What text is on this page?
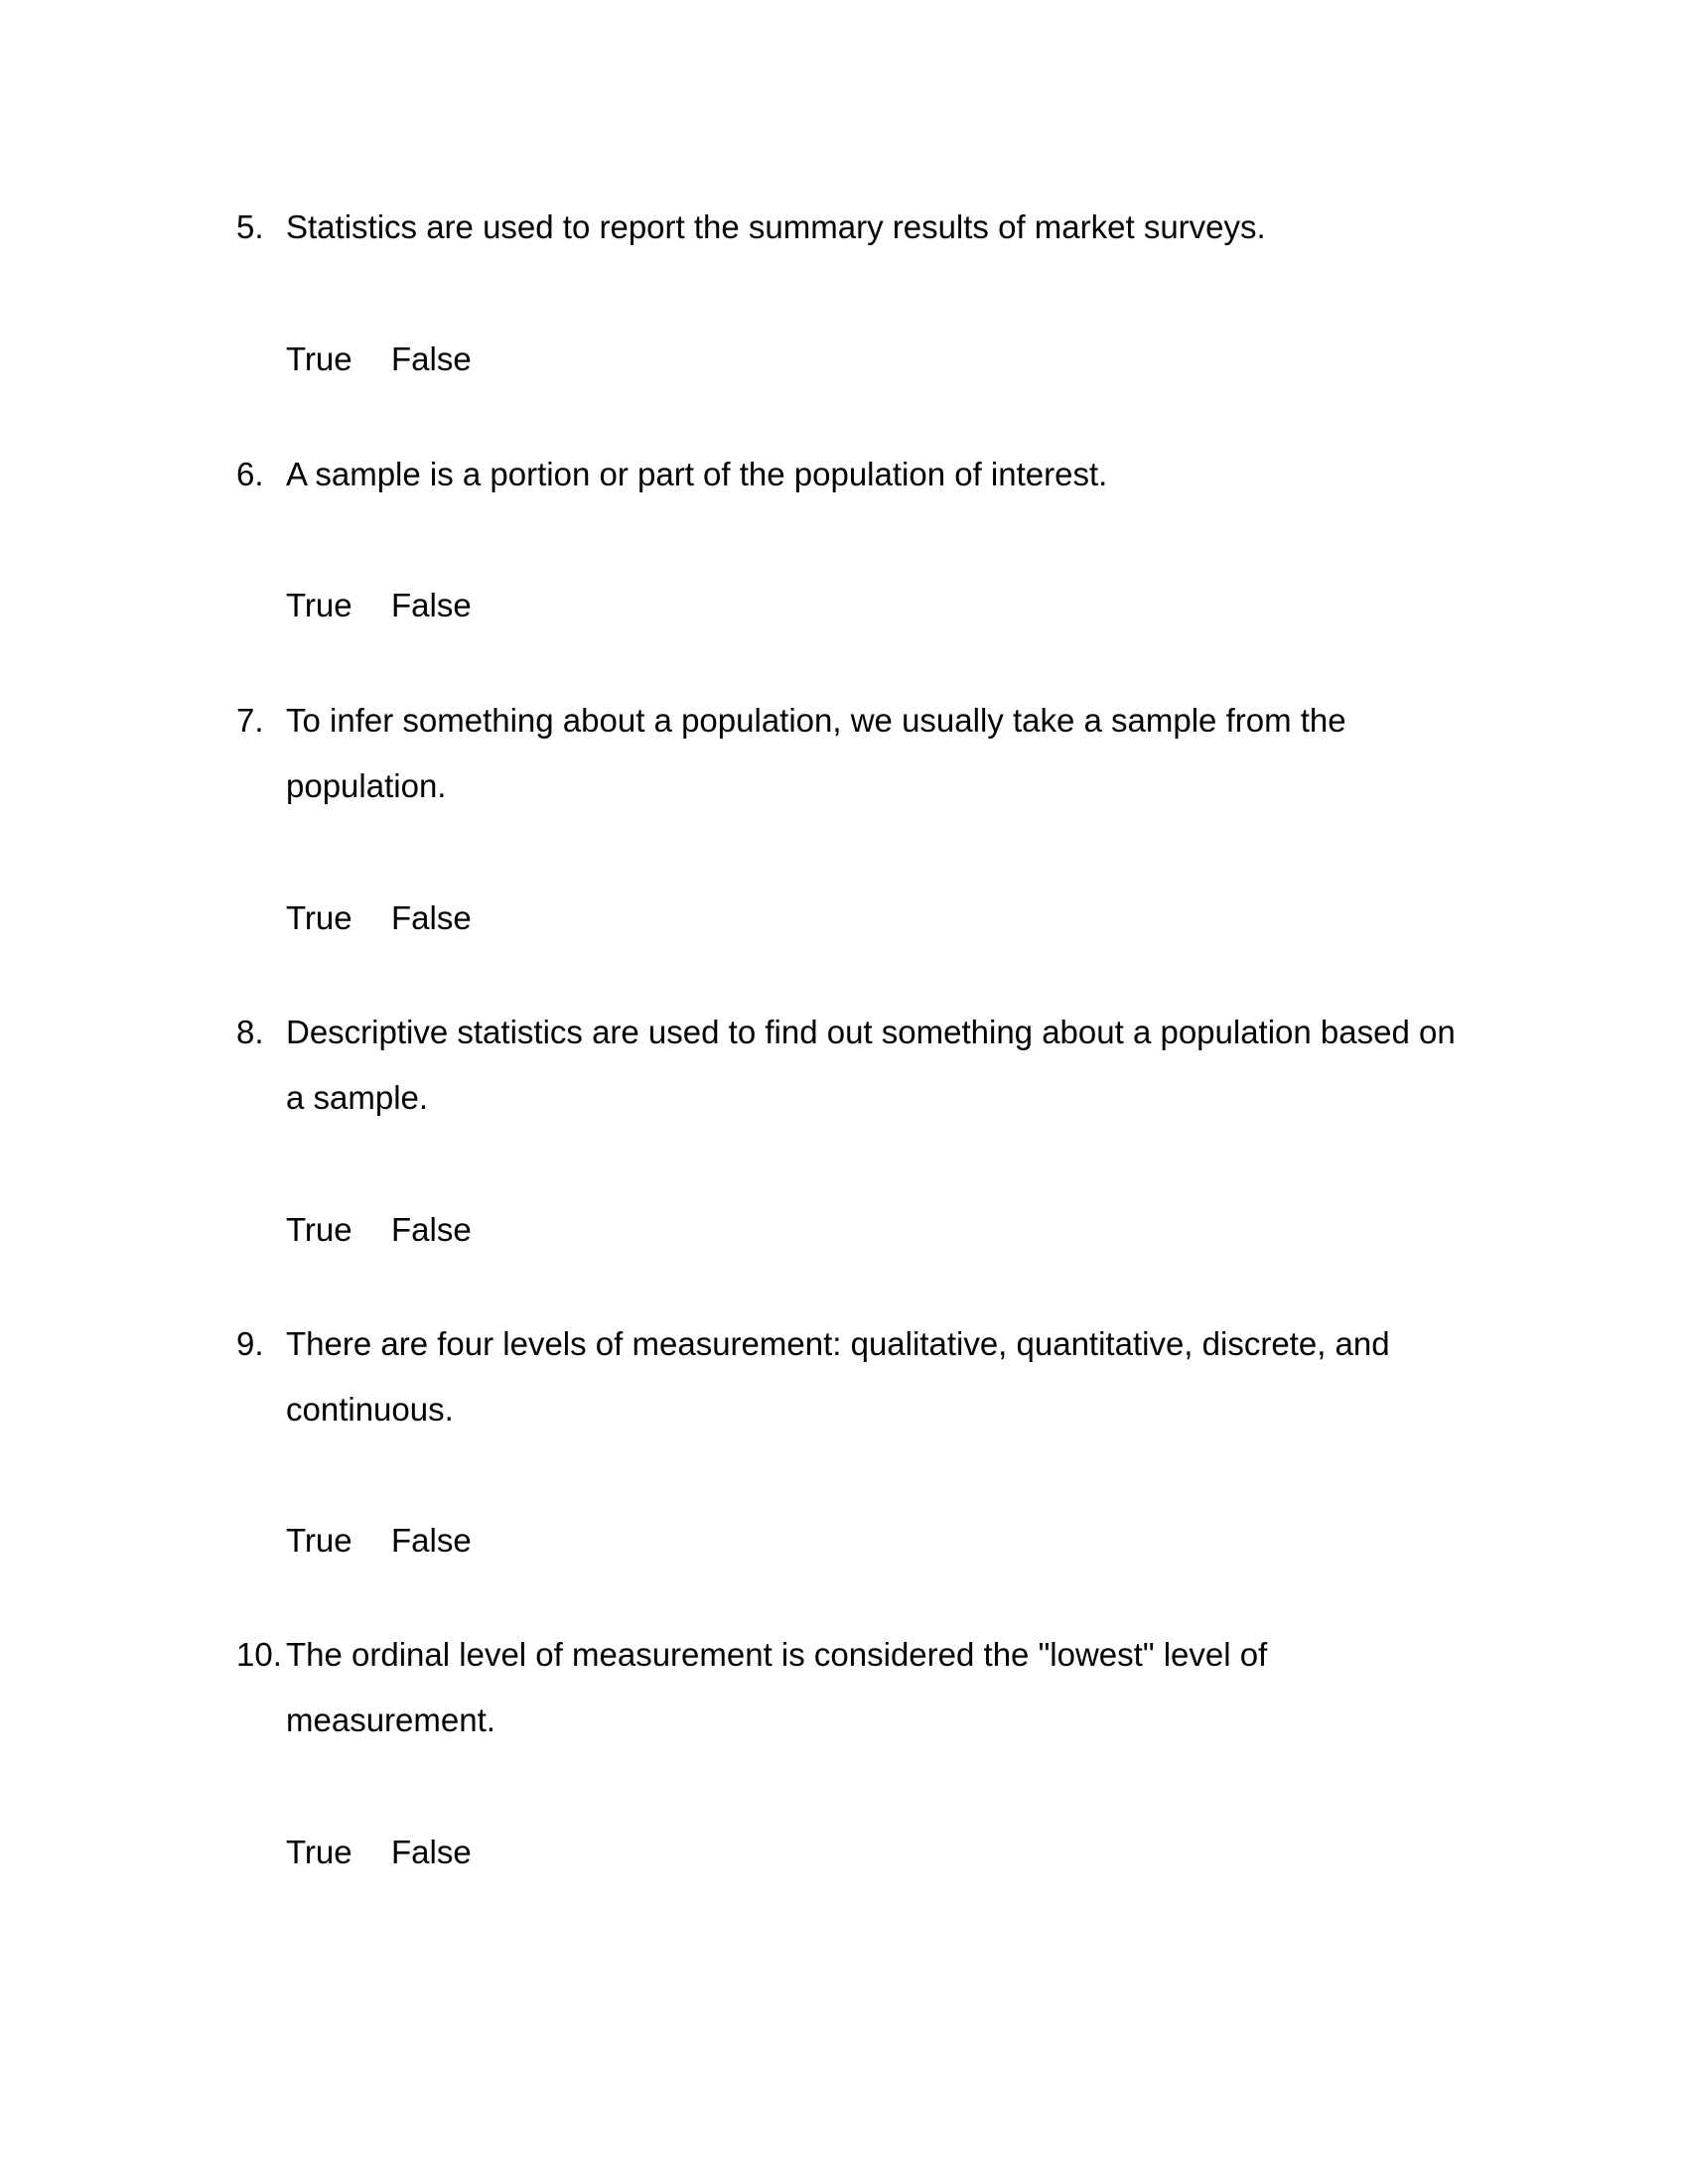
5. Statistics are used to report the summary results of market surveys.
True False
6. A sample is a portion or part of the population of interest.
True False
7. To infer something about a population, we usually take a sample from the population.
True False
8. Descriptive statistics are used to find out something about a population based on a sample.
True False
9. There are four levels of measurement: qualitative, quantitative, discrete, and continuous.
True False
10. The ordinal level of measurement is considered the "lowest" level of measurement.
True False
